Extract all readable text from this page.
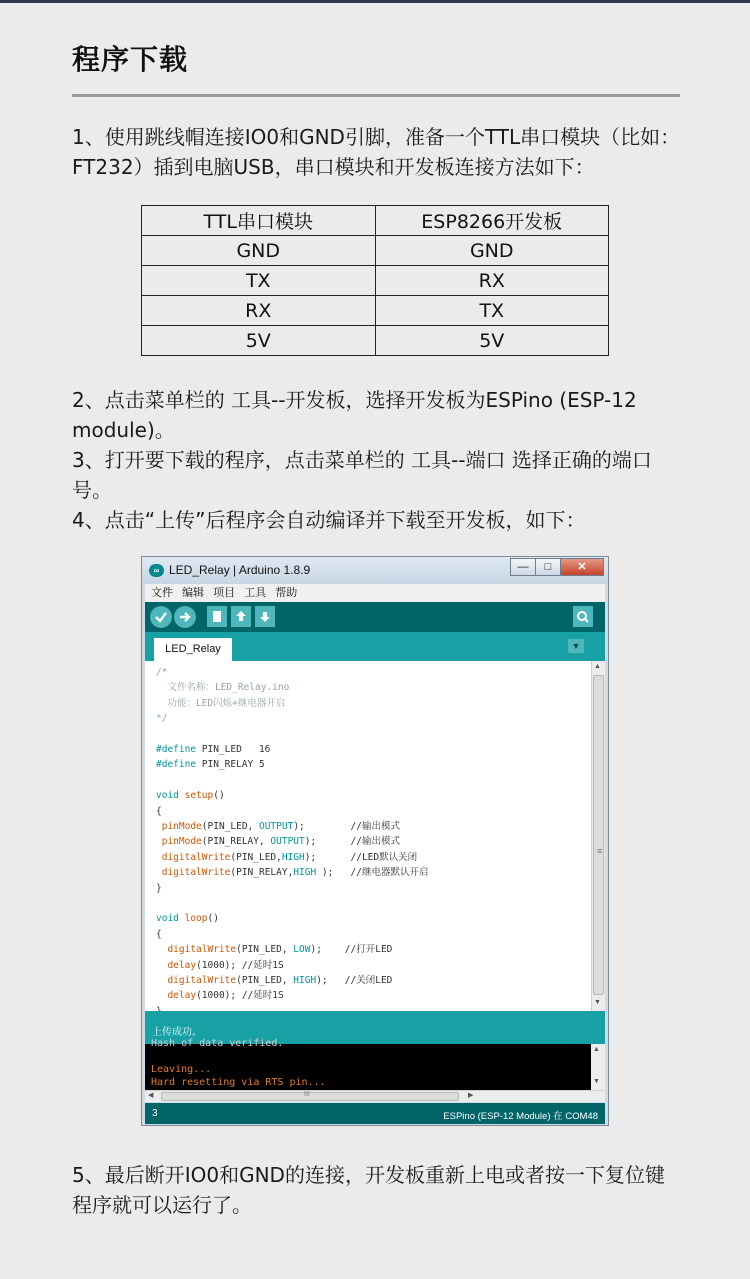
程序下载

1、使用跳线帽连接IO0和GND引脚，准备一个TTL串口模块（比如：FT232）插到电脑USB，串口模块和开发板连接方法如下：

TTL串口模块	ESP8266开发板
GND	GND
TX	RX
RX	TX
5V	5V

2、点击菜单栏的 工具--开发板，选择开发板为ESPino (ESP-12 module)。

3、打开要下载的程序，点击菜单栏的 工具--端口 选择正确的端口号。

4、点击“上传”后程序会自动编译并下载至开发板，如下：

∞ LED_Relay | Arduino 1.8.9	—	□	✕
文件 编辑 项目 工具 帮助
LED_Relay	▼
/*
文件名称：LED_Relay.ino
功能：LED闪烁+继电器开启
*/
#define PIN_LED   16
#define PIN_RELAY 5
void setup()
{
pinMode(PIN_LED, OUTPUT);        //输出模式
pinMode(PIN_RELAY, OUTPUT);      //输出模式
digitalWrite(PIN_LED,HIGH);      //LED默认关闭
digitalWrite(PIN_RELAY,HIGH );   //继电器默认开启
}
void loop()
{
digitalWrite(PIN_LED, LOW);    //打开LED
delay(1000); //延时1S
digitalWrite(PIN_LED, HIGH);   //关闭LED
delay(1000); //延时1S
▲
≡
▼
上传成功。
Hash of data verified.
Leaving...
Hard resetting via RTS pin...
▲
▼
◀	III	▶
3	ESPino (ESP-12 Module) 在 COM48

5、最后断开IO0和GND的连接，开发板重新上电或者按一下复位键程序就可以运行了。
